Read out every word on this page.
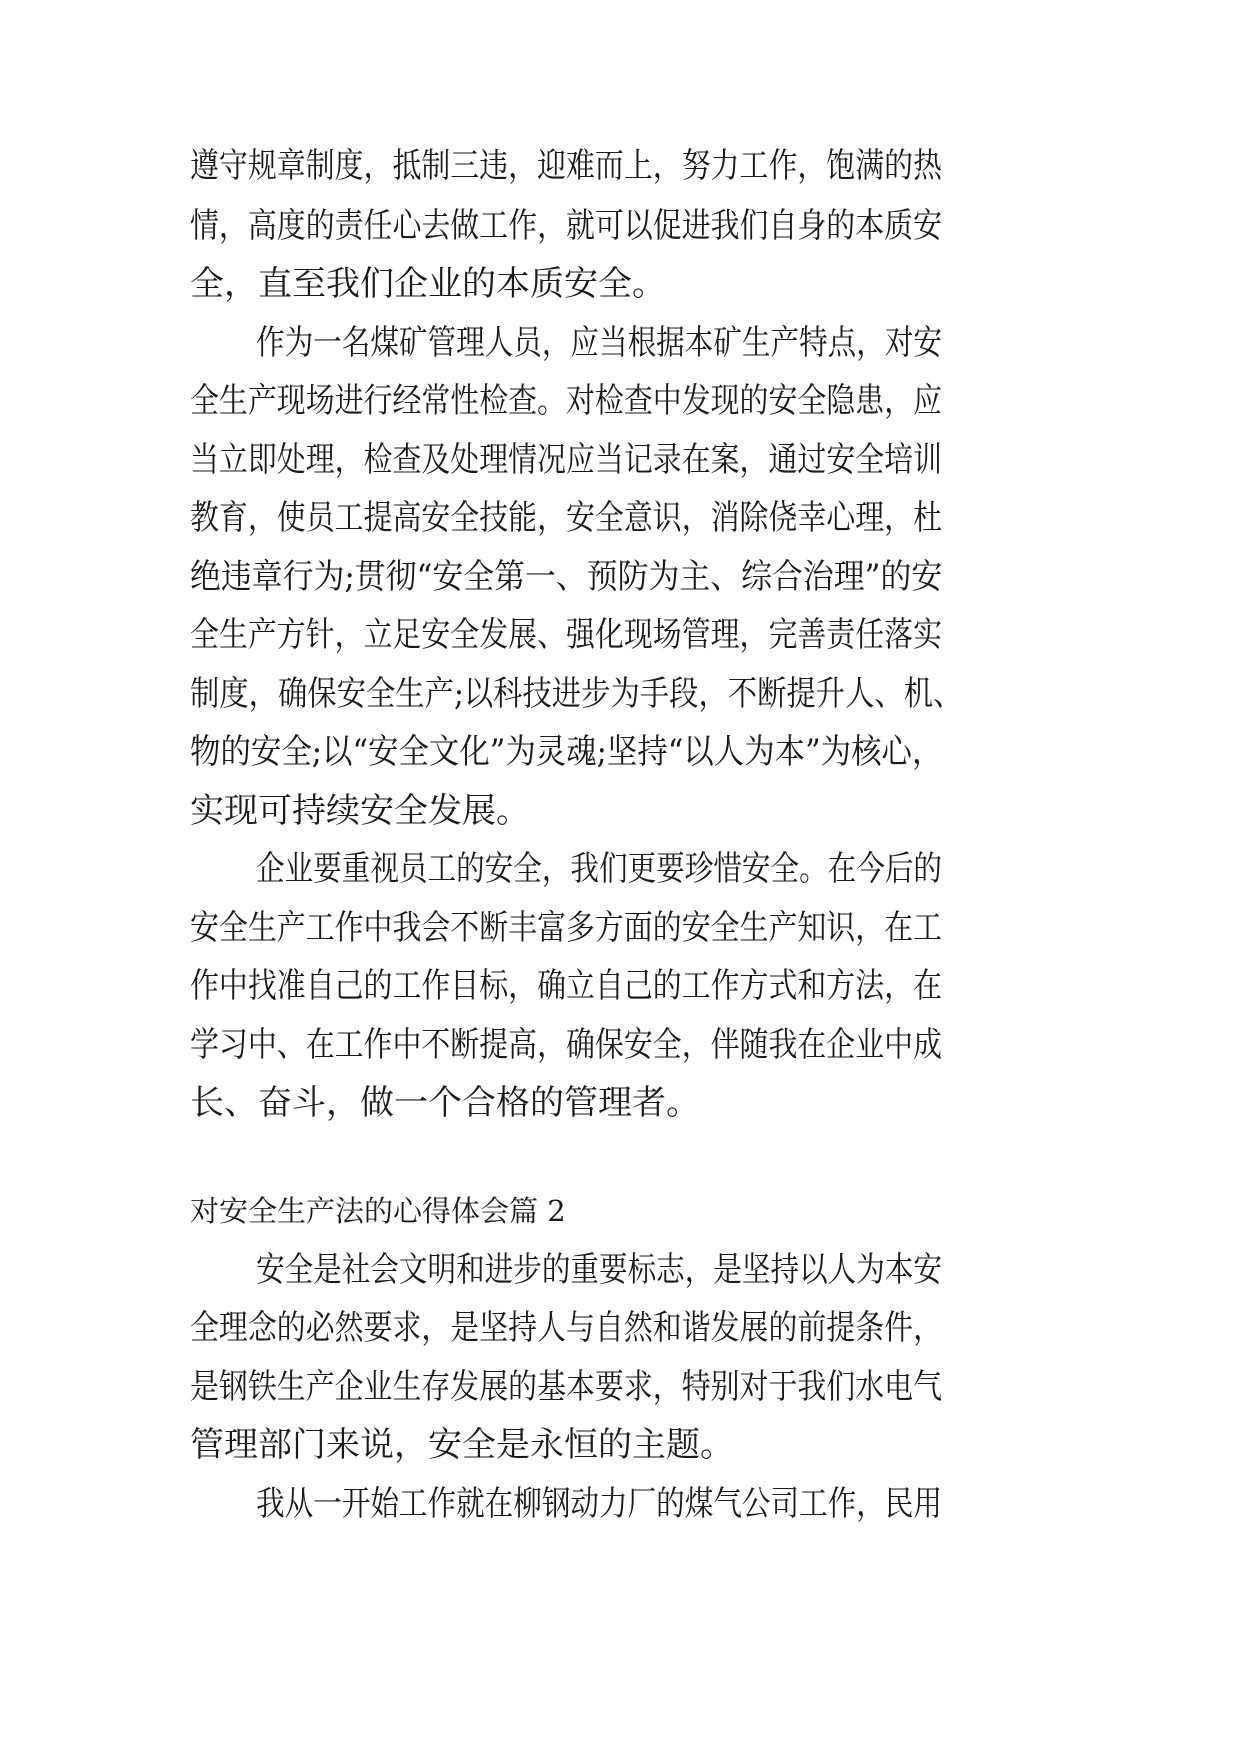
遵守规章制度，抵制三违，迎难而上，努力工作，饱满的热
情，高度的责任心去做工作，就可以促进我们自身的本质安
全，直至我们企业的本质安全。
作为一名煤矿管理人员，应当根据本矿生产特点，对安
全生产现场进行经常性检查。对检查中发现的安全隐患，应
当立即处理，检查及处理情况应当记录在案，通过安全培训
教育，使员工提高安全技能，安全意识，消除侥幸心理，杜
绝违章行为;贯彻“安全第一、预防为主、综合治理”的安
全生产方针，立足安全发展、强化现场管理，完善责任落实
制度，确保安全生产;以科技进步为手段，不断提升人、机、
物的安全;以“安全文化”为灵魂;坚持“以人为本”为核心，
实现可持续安全发展。
企业要重视员工的安全，我们更要珍惜安全。在今后的
安全生产工作中我会不断丰富多方面的安全生产知识，在工
作中找准自己的工作目标，确立自己的工作方式和方法，在
学习中、在工作中不断提高，确保安全，伴随我在企业中成
长、奋斗，做一个合格的管理者。
对安全生产法的心得体会篇 2
安全是社会文明和进步的重要标志，是坚持以人为本安
全理念的必然要求，是坚持人与自然和谐发展的前提条件，
是钢铁生产企业生存发展的基本要求，特别对于我们水电气
管理部门来说，安全是永恒的主题。
我从一开始工作就在柳钢动力厂的煤气公司工作，民用
